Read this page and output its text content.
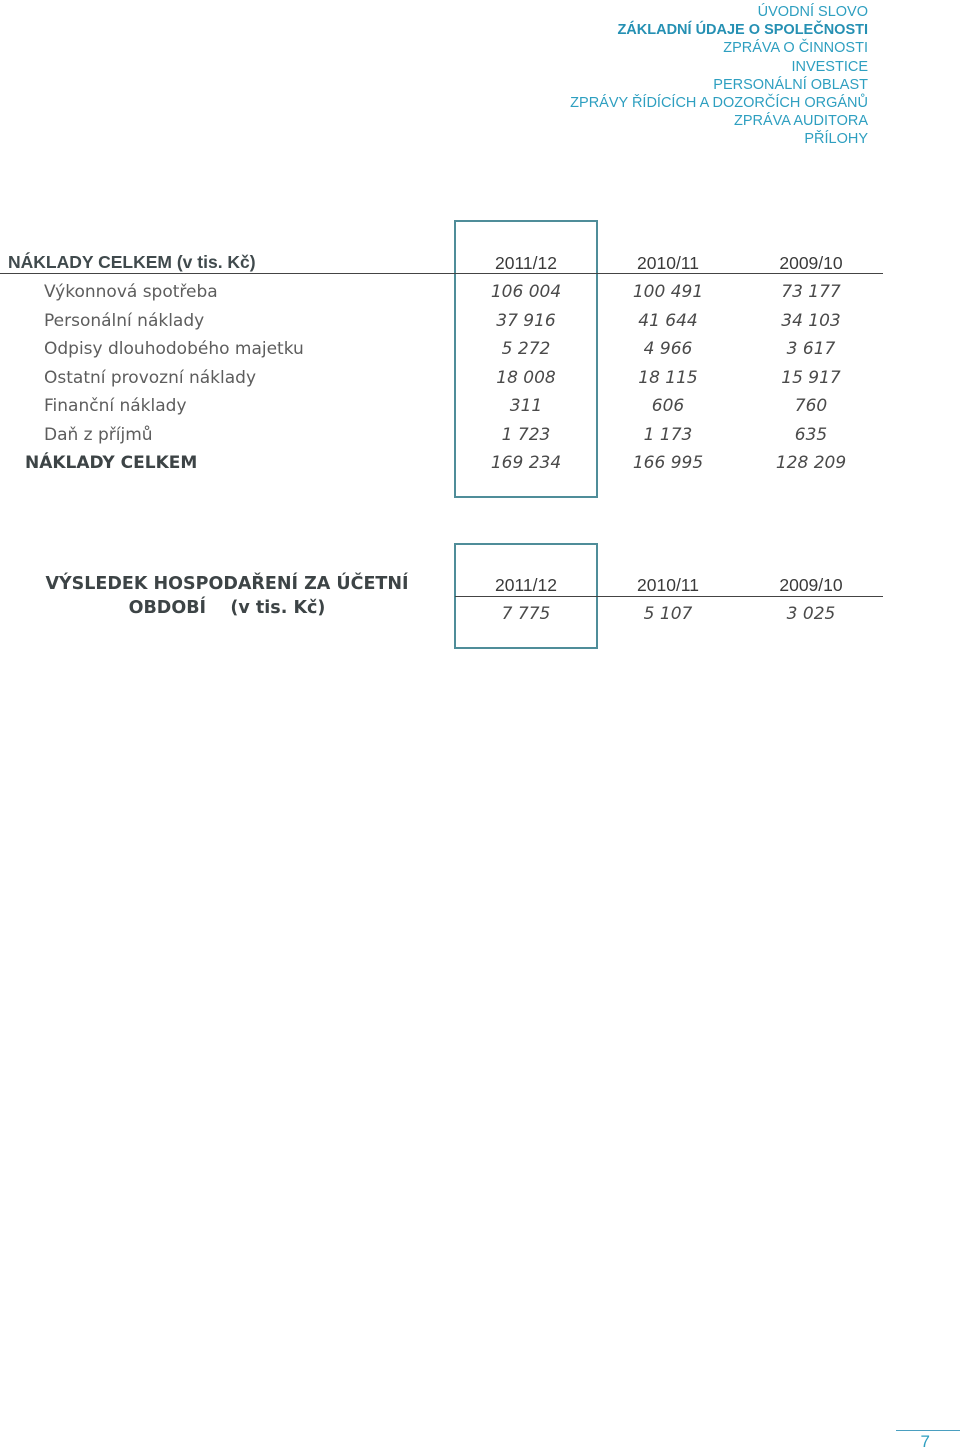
ÚVODNÍ SLOVO
ZÁKLADNÍ ÚDAJE O SPOLEČNOSTI
ZPRÁVA O ČINNOSTI
INVESTICE
PERSONÁLNÍ OBLAST
ZPRÁVY ŘÍDÍCÍCH A DOZORČÍCH ORGÁNŮ
ZPRÁVA AUDITORA
PŘÍLOHY
NÁKLADY CELKEM (v tis. Kč)	2011/12	2010/11	2009/10
Výkonnová spotřeba	106 004	100 491	73 177
Personální náklady	37 916	41 644	34 103
Odpisy dlouhodobého majetku	5 272	4 966	3 617
Ostatní provozní náklady	18 008	18 115	15 917
Finanční náklady	311	606	760
Daň z příjmů	1 723	1 173	635
NÁKLADY CELKEM	169 234	166 995	128 209
VÝSLEDEK HOSPODAŘENÍ ZA ÚČETNÍ
OBDOBÍ    (v tis. Kč)
2011/12	2010/11	2009/10
7 775	5 107	3 025
7
